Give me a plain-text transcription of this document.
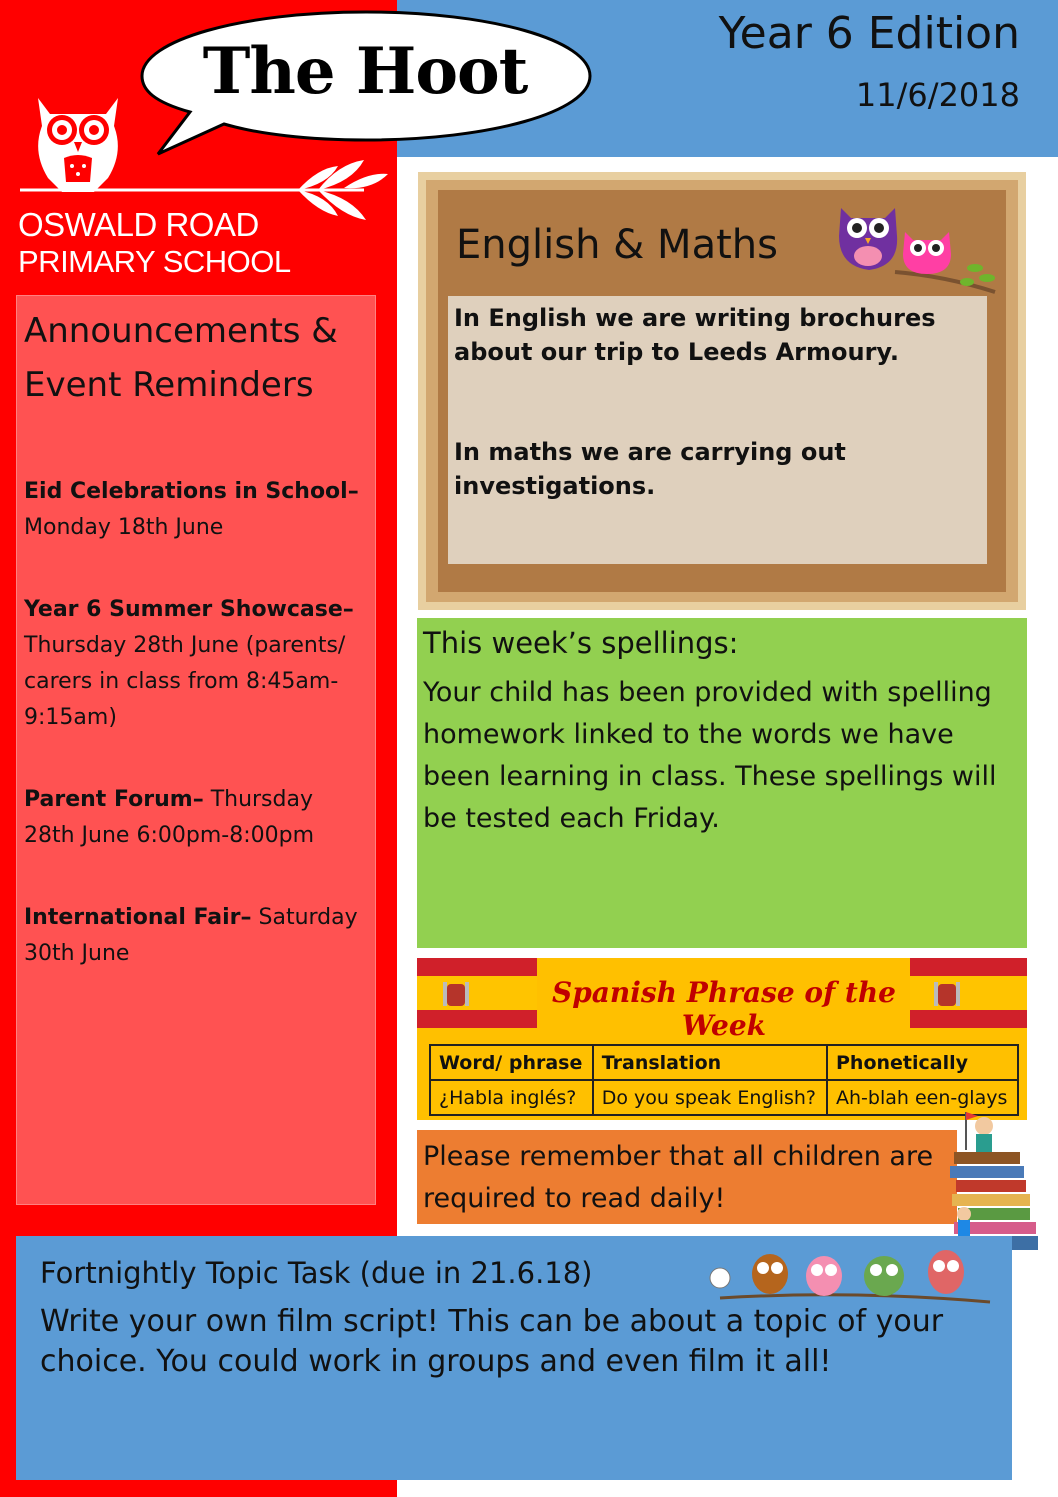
Year 6 Edition
11/6/2018
The Hoot
OSWALD ROAD
PRIMARY SCHOOL
Announcements &
Event Reminders
Eid Celebrations in School–
Monday 18th June
Year 6 Summer Showcase–
Thursday 28th June (parents/ carers in class from 8:45am-9:15am)
Parent Forum– Thursday 28th June 6:00pm-8:00pm
International Fair– Saturday 30th June
English & Maths

In English we are writing brochures about our trip to Leeds Armoury.

In maths we are carrying out investigations.

This week’s spellings:

Your child has been provided with spelling homework linked to the words we have been learning in class. These spellings will be tested each Friday.

Spanish Phrase of the Week
Word/ phrase	Translation	Phonetically
¿Habla inglés?	Do you speak English?	Ah-blah een-glays
Please remember that all children are required to read daily!
Fortnightly Topic Task (due in 21.6.18)

Write your own film script! This can be about a topic of your choice. You could work in groups and even film it all!
